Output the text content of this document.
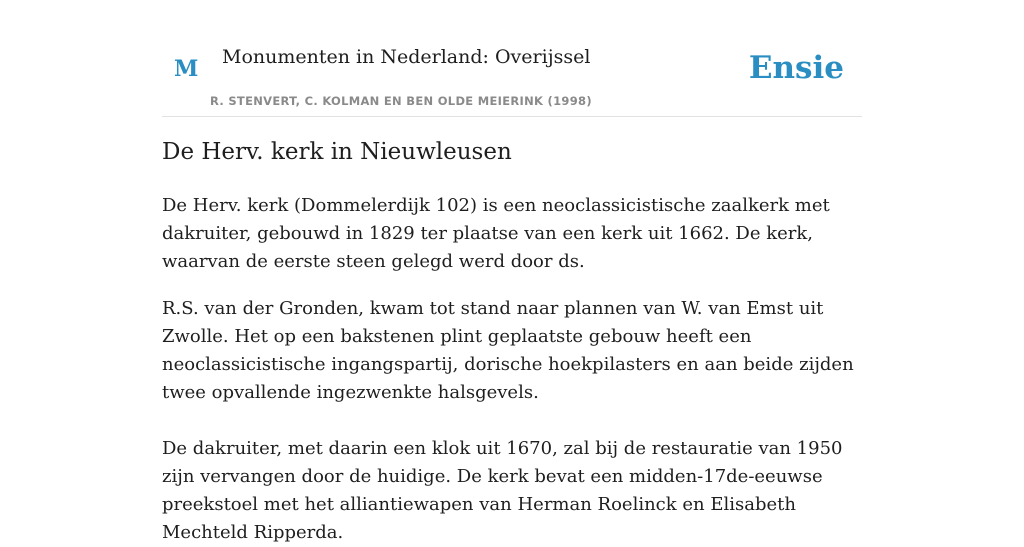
M Monumenten in Nederland: Overijssel
R. STENVERT, C. KOLMAN EN BEN OLDE MEIERINK (1998)
Ensie
De Herv. kerk in Nieuwleusen

De Herv. kerk (Dommelerdijk 102) is een neoclassicistische zaalkerk met dakruiter, gebouwd in 1829 ter plaatse van een kerk uit 1662. De kerk, waarvan de eerste steen gelegd werd door ds.

R.S. van der Gronden, kwam tot stand naar plannen van W. van Emst uit Zwolle. Het op een bakstenen plint geplaatste gebouw heeft een neoclassicistische ingangspartij, dorische hoekpilasters en aan beide zijden twee opvallende ingezwenkte halsgevels.

De dakruiter, met daarin een klok uit 1670, zal bij de restauratie van 1950 zijn vervangen door de huidige. De kerk bevat een midden-17de-eeuwse preekstoel met het alliantiewapen van Herman Roelinck en Elisabeth Mechteld Ripperda.
